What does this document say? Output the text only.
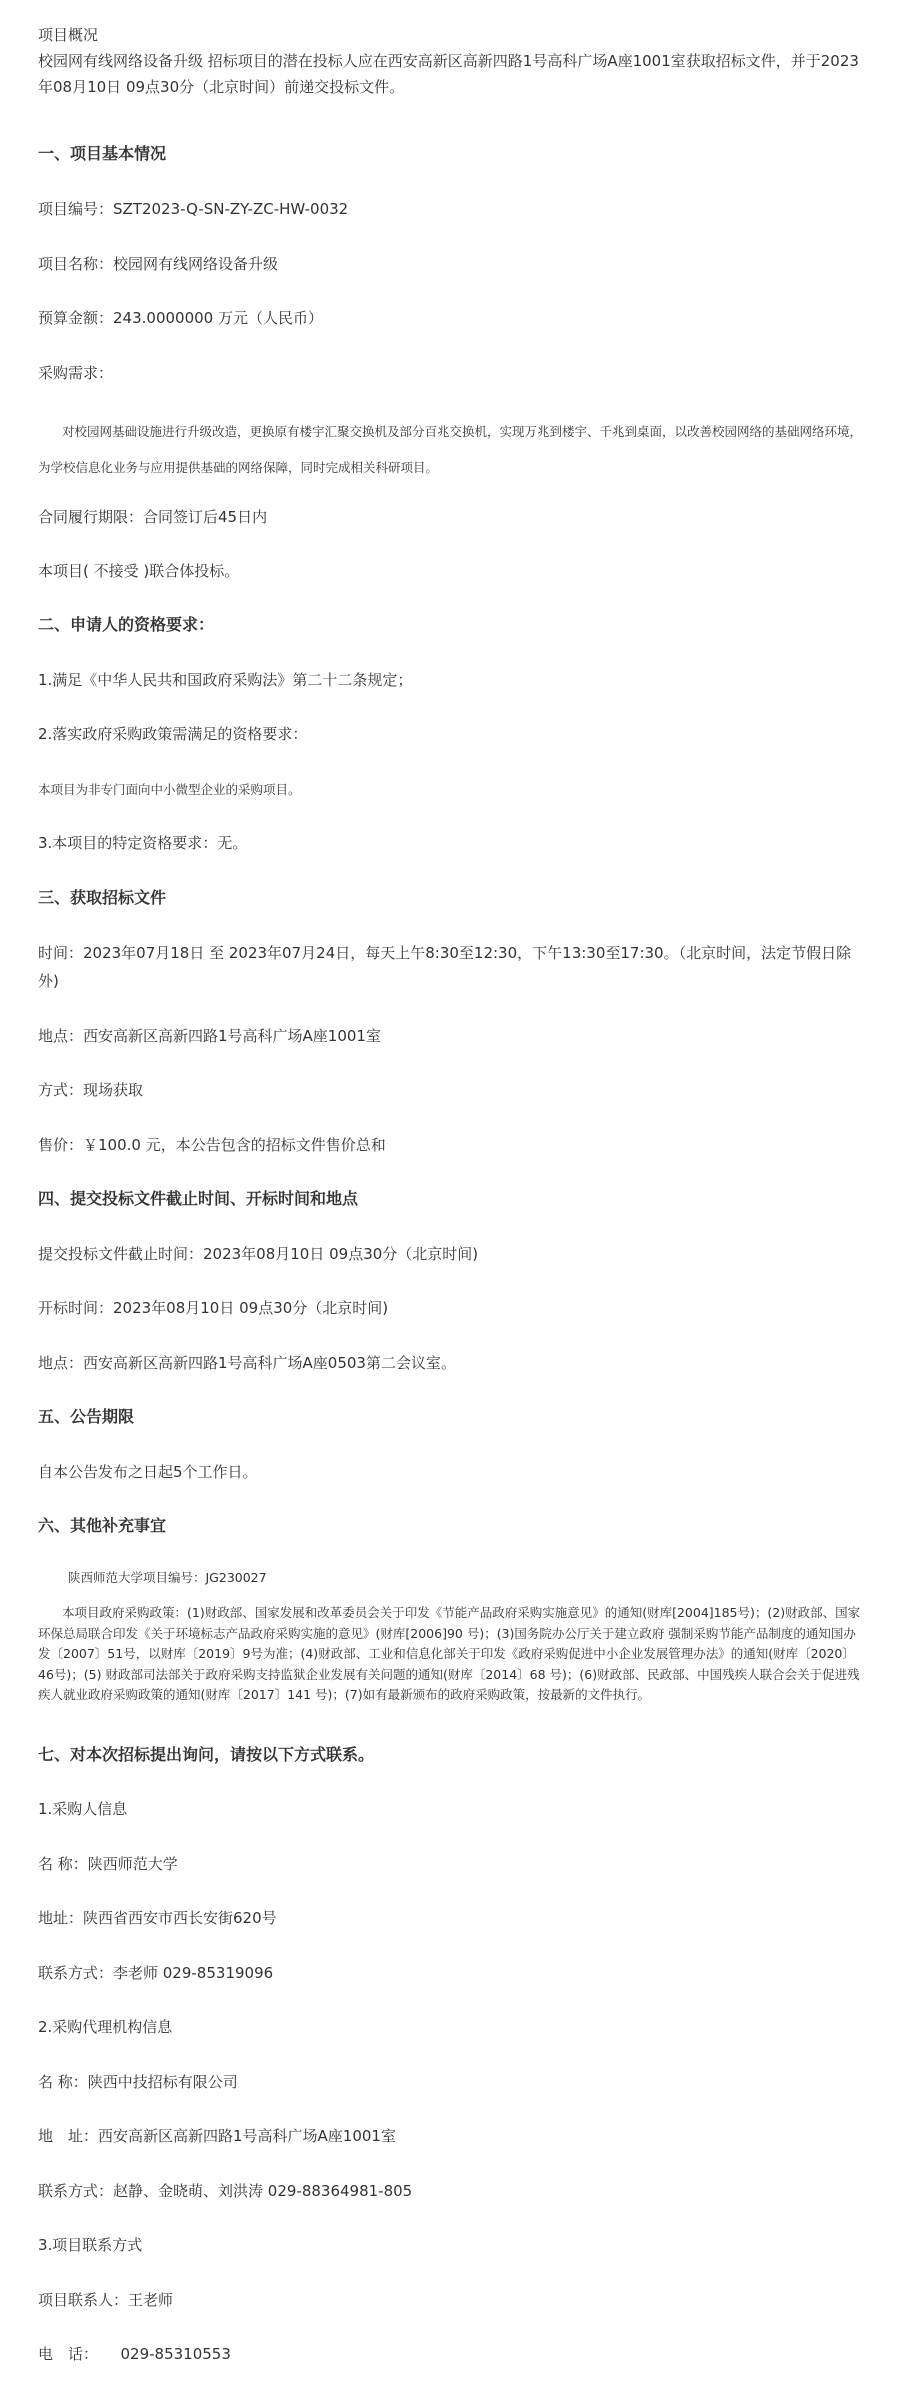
项目概况
校园网有线网络设备升级 招标项目的潜在投标人应在西安高新区高新四路1号高科广场A座1001室获取招标文件，并于2023年08月10日 09点30分（北京时间）前递交投标文件。
一、项目基本情况
项目编号：SZT2023-Q-SN-ZY-ZC-HW-0032
项目名称：校园网有线网络设备升级
预算金额：243.0000000 万元（人民币）
采购需求：
对校园网基础设施进行升级改造，更换原有楼宇汇聚交换机及部分百兆交换机，实现万兆到楼宇、千兆到桌面，以改善校园网络的基础网络环境，为学校信息化业务与应用提供基础的网络保障，同时完成相关科研项目。
合同履行期限：合同签订后45日内
本项目( 不接受 )联合体投标。
二、申请人的资格要求：
1.满足《中华人民共和国政府采购法》第二十二条规定；
2.落实政府采购政策需满足的资格要求：
本项目为非专门面向中小微型企业的采购项目。
3.本项目的特定资格要求：无。
三、获取招标文件
时间：2023年07月18日 至 2023年07月24日，每天上午8:30至12:30，下午13:30至17:30。（北京时间，法定节假日除外)
地点：西安高新区高新四路1号高科广场A座1001室
方式：现场获取
售价：￥100.0 元，本公告包含的招标文件售价总和
四、提交投标文件截止时间、开标时间和地点
提交投标文件截止时间：2023年08月10日 09点30分（北京时间)
开标时间：2023年08月10日 09点30分（北京时间)
地点：西安高新区高新四路1号高科广场A座0503第二会议室。
五、公告期限
自本公告发布之日起5个工作日。
六、其他补充事宜
陕西师范大学项目编号：JG230027
本项目政府采购政策：(1)财政部、国家发展和改革委员会关于印发《节能产品政府采购实施意见》的通知(财库[2004]185号)；(2)财政部、国家环保总局联合印发《关于环境标志产品政府采购实施的意见》(财库[2006]90 号)；(3)国务院办公厅关于建立政府 强制采购节能产品制度的通知国办发〔2007〕51号，以财库〔2019〕9号为准；(4)财政部、工业和信息化部关于印发《政府采购促进中小企业发展管理办法》的通知(财库〔2020〕46号)；(5) 财政部司法部关于政府采购支持监狱企业发展有关问题的通知(财库〔2014〕68 号)；(6)财政部、民政部、中国残疾人联合会关于促进残疾人就业政府采购政策的通知(财库〔2017〕141 号)；(7)如有最新颁布的政府采购政策，按最新的文件执行。
七、对本次招标提出询问，请按以下方式联系。
1.采购人信息
名 称：陕西师范大学
地址：陕西省西安市西长安街620号
联系方式：李老师 029-85319096
2.采购代理机构信息
名 称：陕西中技招标有限公司
地　址：西安高新区高新四路1号高科广场A座1001室
联系方式：赵静、金晓萌、刘洪涛 029-88364981-805
3.项目联系方式
项目联系人：王老师
电　话：　　029-85310553
